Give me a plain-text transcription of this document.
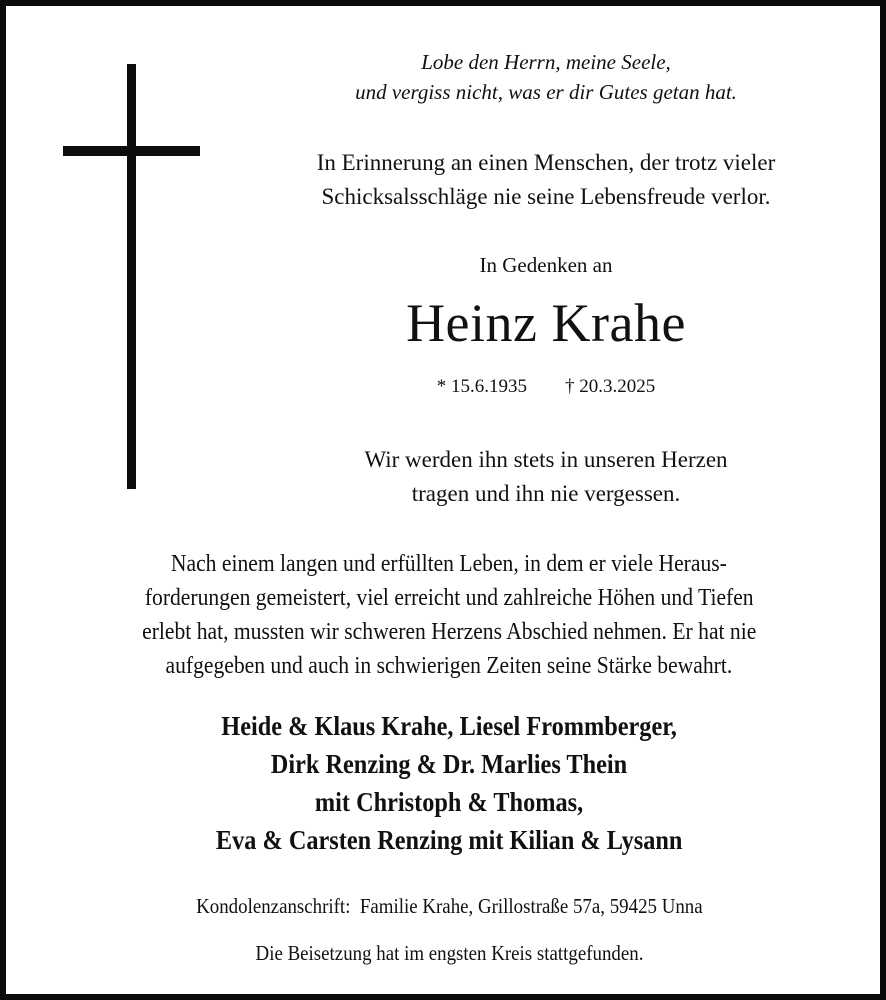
Lobe den Herrn, meine Seele,
und vergiss nicht, was er dir Gutes getan hat.
In Erinnerung an einen Menschen, der trotz vieler
Schicksalsschläge nie seine Lebensfreude verlor.
In Gedenken an
Heinz Krahe
* 15.6.1935 † 20.3.2025
Wir werden ihn stets in unseren Herzen
tragen und ihn nie vergessen.
Nach einem langen und erfüllten Leben, in dem er viele Heraus-
forderungen gemeistert, viel erreicht und zahlreiche Höhen und Tiefen
erlebt hat, mussten wir schweren Herzens Abschied nehmen. Er hat nie
aufgegeben und auch in schwierigen Zeiten seine Stärke bewahrt.
Heide & Klaus Krahe, Liesel Frommberger,
Dirk Renzing & Dr. Marlies Thein
mit Christoph & Thomas,
Eva & Carsten Renzing mit Kilian & Lysann
Kondolenzanschrift:  Familie Krahe, Grillostraße 57a, 59425 Unna
Die Beisetzung hat im engsten Kreis stattgefunden.
